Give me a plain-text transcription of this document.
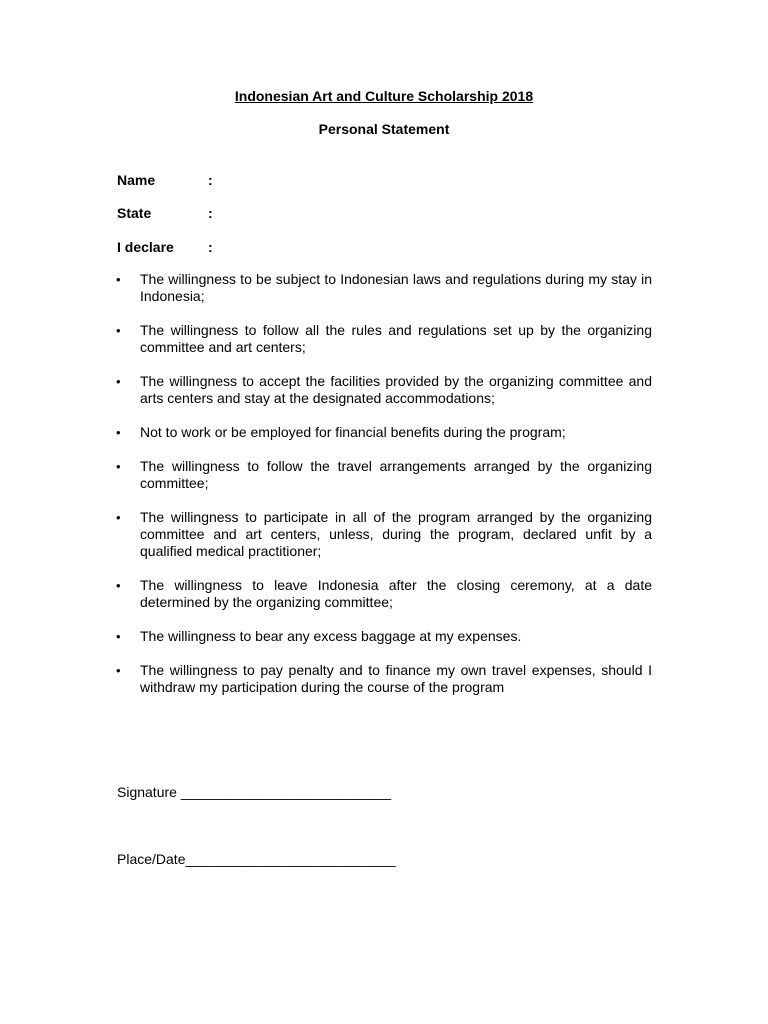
Indonesian Art and Culture Scholarship 2018
Personal Statement
Name	:
State	:
I declare :
• The willingness to be subject to Indonesian laws and regulations during my stay in Indonesia;
• The willingness to follow all the rules and regulations set up by the organizing committee and art centers;
• The willingness to accept the facilities provided by the organizing committee and arts centers and stay at the designated accommodations;
• Not to work or be employed for financial benefits during the program;
• The willingness to follow the travel arrangements arranged by the organizing committee;
• The willingness to participate in all of the program arranged by the organizing committee and art centers, unless, during the program, declared unfit by a qualified medical practitioner;
• The willingness to leave Indonesia after the closing ceremony, at a date determined by the organizing committee;
• The willingness to bear any excess baggage at my expenses.
• The willingness to pay penalty and to finance my own travel expenses, should I withdraw my participation during the course of the program
Signature ___________________________
Place/Date___________________________
